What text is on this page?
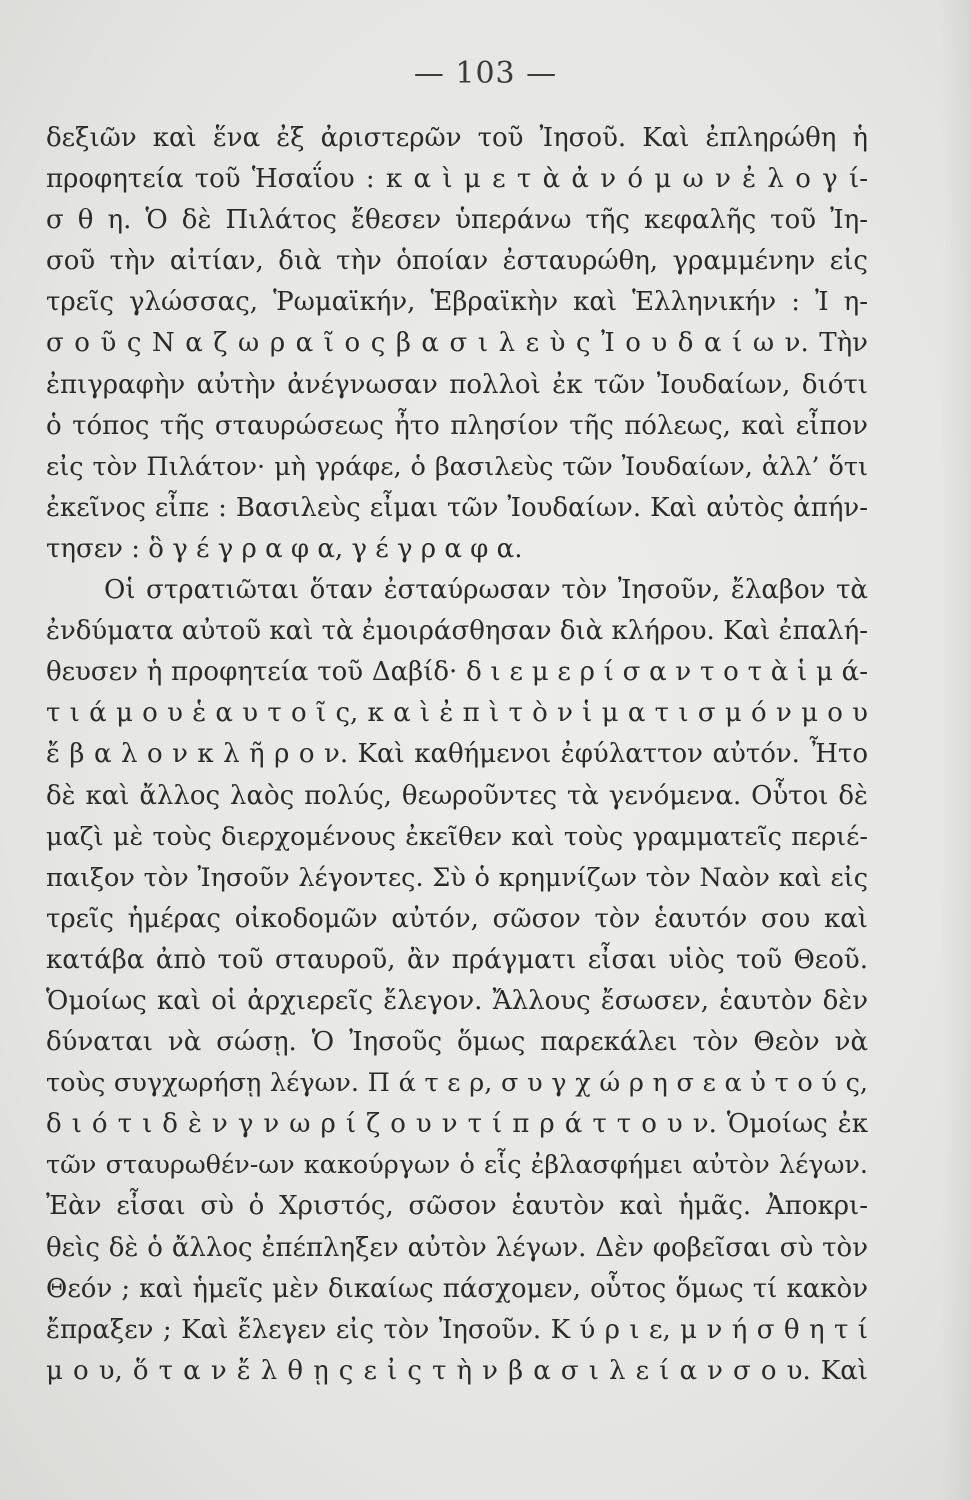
— 103 —
δεξιῶν καὶ ἕνα ἐξ ἀριστερῶν τοῦ Ἰησοῦ. Καὶ ἐπληρώθη ἡ
προφητεία τοῦ Ἡσαΐου : κ α ὶ μ ε τ ὰ ἀ ν ό μ ω ν ἐ λ ο γ ί-
σ θ η. Ὁ δὲ Πιλάτος ἔθεσεν ὑπεράνω τῆς κεφαλῆς τοῦ Ἰη-
σοῦ τὴν αἰτίαν, διὰ τὴν ὁποίαν ἐσταυρώθη, γραμμένην εἰς
τρεῖς γλώσσας, Ῥωμαϊκήν, Ἑβραϊκὴν καὶ Ἑλληνικήν : Ἰ η-
σ ο ῦ ς Ν α ζ ω ρ α ῖ ο ς β α σ ι λ ε ὺ ς Ἰ ο υ δ α ί ω ν. Τὴν
ἐπιγραφὴν αὐτὴν ἀνέγνωσαν πολλοὶ ἐκ τῶν Ἰουδαίων, διότι
ὁ τόπος τῆς σταυρώσεως ἦτο πλησίον τῆς πόλεως, καὶ εἶπον
εἰς τὸν Πιλάτον· μὴ γράφε, ὁ βασιλεὺς τῶν Ἰουδαίων, ἀλλ’ ὅτι
ἐκεῖνος εἶπε : Βασιλεὺς εἶμαι τῶν Ἰουδαίων. Καὶ αὐτὸς ἀπήν-
τησεν : ὃ γ έ γ ρ α φ α, γ έ γ ρ α φ α.
Οἱ στρατιῶται ὅταν ἐσταύρωσαν τὸν Ἰησοῦν, ἔλαβον τὰ
ἐνδύματα αὐτοῦ καὶ τὰ ἐμοιράσθησαν διὰ κλήρου. Καὶ ἐπαλή-
θευσεν ἡ προφητεία τοῦ Δαβίδ· δ ι ε μ ε ρ ί σ α ν τ ο τ ὰ ἱ μ ά-
τ ι ά μ ο υ ἑ α υ τ ο ῖ ς, κ α ὶ ἐ π ὶ τ ὸ ν ἱ μ α τ ι σ μ ό ν μ ο υ
ἔ β α λ ο ν κ λ ῆ ρ ο ν. Καὶ καθήμενοι ἐφύλαττον αὐτόν. Ἦτο
δὲ καὶ ἄλλος λαὸς πολύς, θεωροῦντες τὰ γενόμενα. Οὗτοι δὲ
μαζὶ μὲ τοὺς διερχομένους ἐκεῖθεν καὶ τοὺς γραμματεῖς περιέ-
παιξον τὸν Ἰησοῦν λέγοντες. Σὺ ὁ κρημνίζων τὸν Ναὸν καὶ εἰς
τρεῖς ἡμέρας οἰκοδομῶν αὐτόν, σῶσον τὸν ἑαυτόν σου καὶ
κατάβα ἀπὸ τοῦ σταυροῦ, ἂν πράγματι εἶσαι υἱὸς τοῦ Θεοῦ.
Ὁμοίως καὶ οἱ ἀρχιερεῖς ἔλεγον. Ἄλλους ἔσωσεν, ἑαυτὸν δὲν
δύναται νὰ σώσῃ. Ὁ Ἰησοῦς ὅμως παρεκάλει τὸν Θεὸν νὰ
τοὺς συγχωρήσῃ λέγων. Π ά τ ε ρ, σ υ γ χ ώ ρ η σ ε α ὐ τ ο ύ ς,
δ ι ό τ ι δ ὲ ν γ ν ω ρ ί ζ ο υ ν τ ί π ρ ά τ τ ο υ ν. Ὁμοίως ἐκ
τῶν σταυρωθέν-ων κακούργων ὁ εἷς ἐβλασφήμει αὐτὸν λέγων.
Ἐὰν εἶσαι σὺ ὁ Χριστός, σῶσον ἑαυτὸν καὶ ἡμᾶς. Ἀποκρι-
θεὶς δὲ ὁ ἄλλος ἐπέπληξεν αὐτὸν λέγων. Δὲν φοβεῖσαι σὺ τὸν
Θεόν ; καὶ ἡμεῖς μὲν δικαίως πάσχομεν, οὗτος ὅμως τί κακὸν
ἔπραξεν ; Καὶ ἔλεγεν εἰς τὸν Ἰησοῦν. Κ ύ ρ ι ε, μ ν ή σ θ η τ ί
μ ο υ, ὅ τ α ν ἔ λ θ ῃ ς ε ἰ ς τ ὴ ν β α σ ι λ ε ί α ν σ ο υ. Καὶ
